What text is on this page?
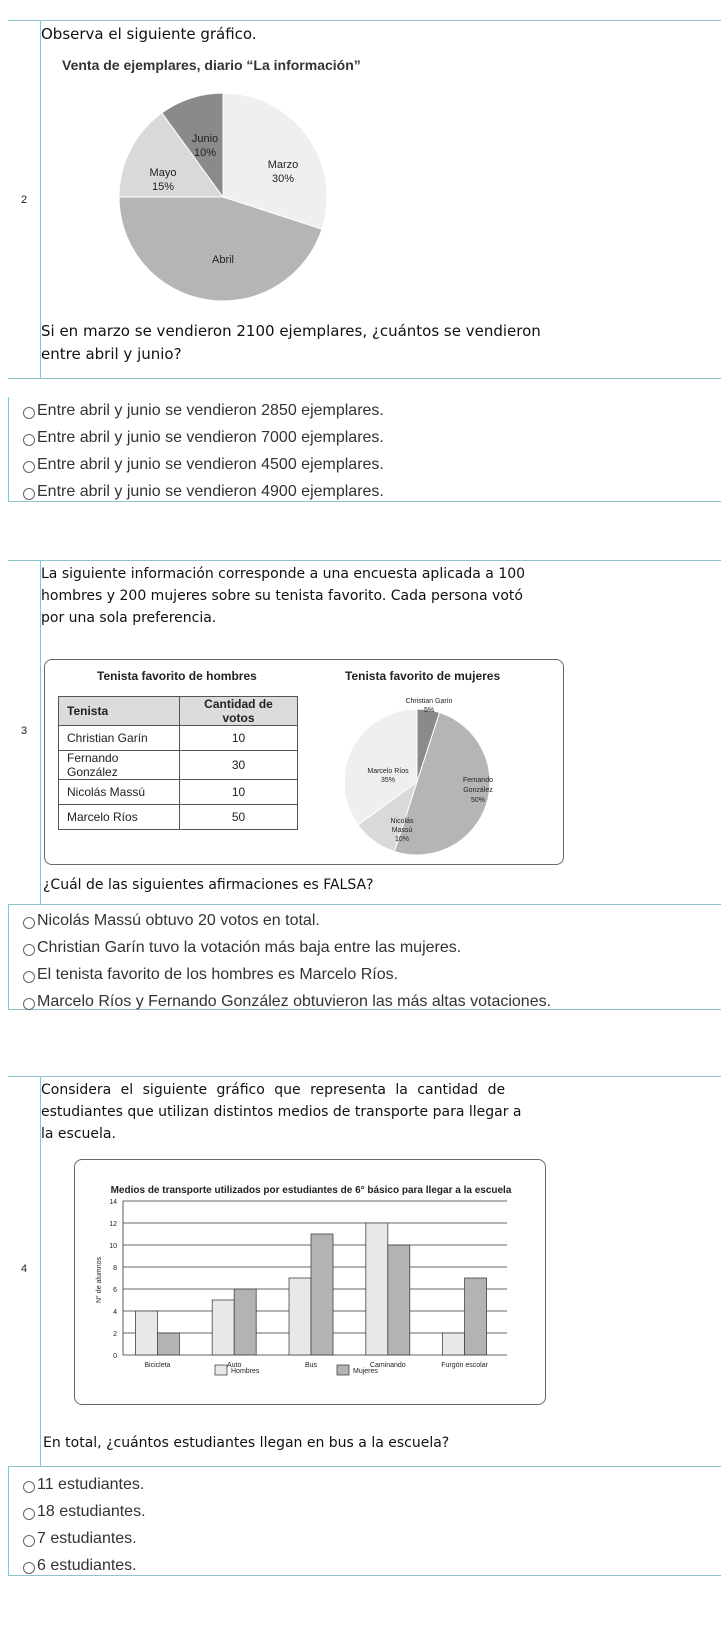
2
Observa el siguiente gráfico.
Venta de ejemplares, diario “La información”
Marzo
30%
Abril
Mayo
15%
Junio
10%
Si en marzo se vendieron 2100 ejemplares, ¿cuántos se vendieron
entre abril y junio?
Entre abril y junio se vendieron 2850 ejemplares.
Entre abril y junio se vendieron 7000 ejemplares.
Entre abril y junio se vendieron 4500 ejemplares.
Entre abril y junio se vendieron 4900 ejemplares.
3
La siguiente información corresponde a una encuesta aplicada a 100
hombres y 200 mujeres sobre su tenista favorito. Cada persona votó
por una sola preferencia.
Tenista favorito de hombres
Tenista	Cantidad de votos
Christian Garín	10
Fernando González	30
Nicolás Massú	10
Marcelo Ríos	50
Tenista favorito de mujeres
Christian Garín
5%
Fernando
González
50%
Nicolás
Massú
10%
Marcelo Ríos
35%
¿Cuál de las siguientes afirmaciones es FALSA?
Nicolás Massú obtuvo 20 votos en total.
Christian Garín tuvo la votación más baja entre las mujeres.
El tenista favorito de los hombres es Marcelo Ríos.
Marcelo Ríos y Fernando González obtuvieron las más altas votaciones.
4
Considera el siguiente gráfico que representa la cantidad de
estudiantes que utilizan distintos medios de transporte para llegar a
la escuela.
Medios de transporte utilizados por estudiantes de 6° básico para llegar a la escuela
0
2
4
6
8
10
12
14
N° de alumnos
Bicicleta	Auto	Bus	Caminando	Furgón escolar
Hombres	Mujeres
En total, ¿cuántos estudiantes llegan en bus a la escuela?
11 estudiantes.
18 estudiantes.
7 estudiantes.
6 estudiantes.
